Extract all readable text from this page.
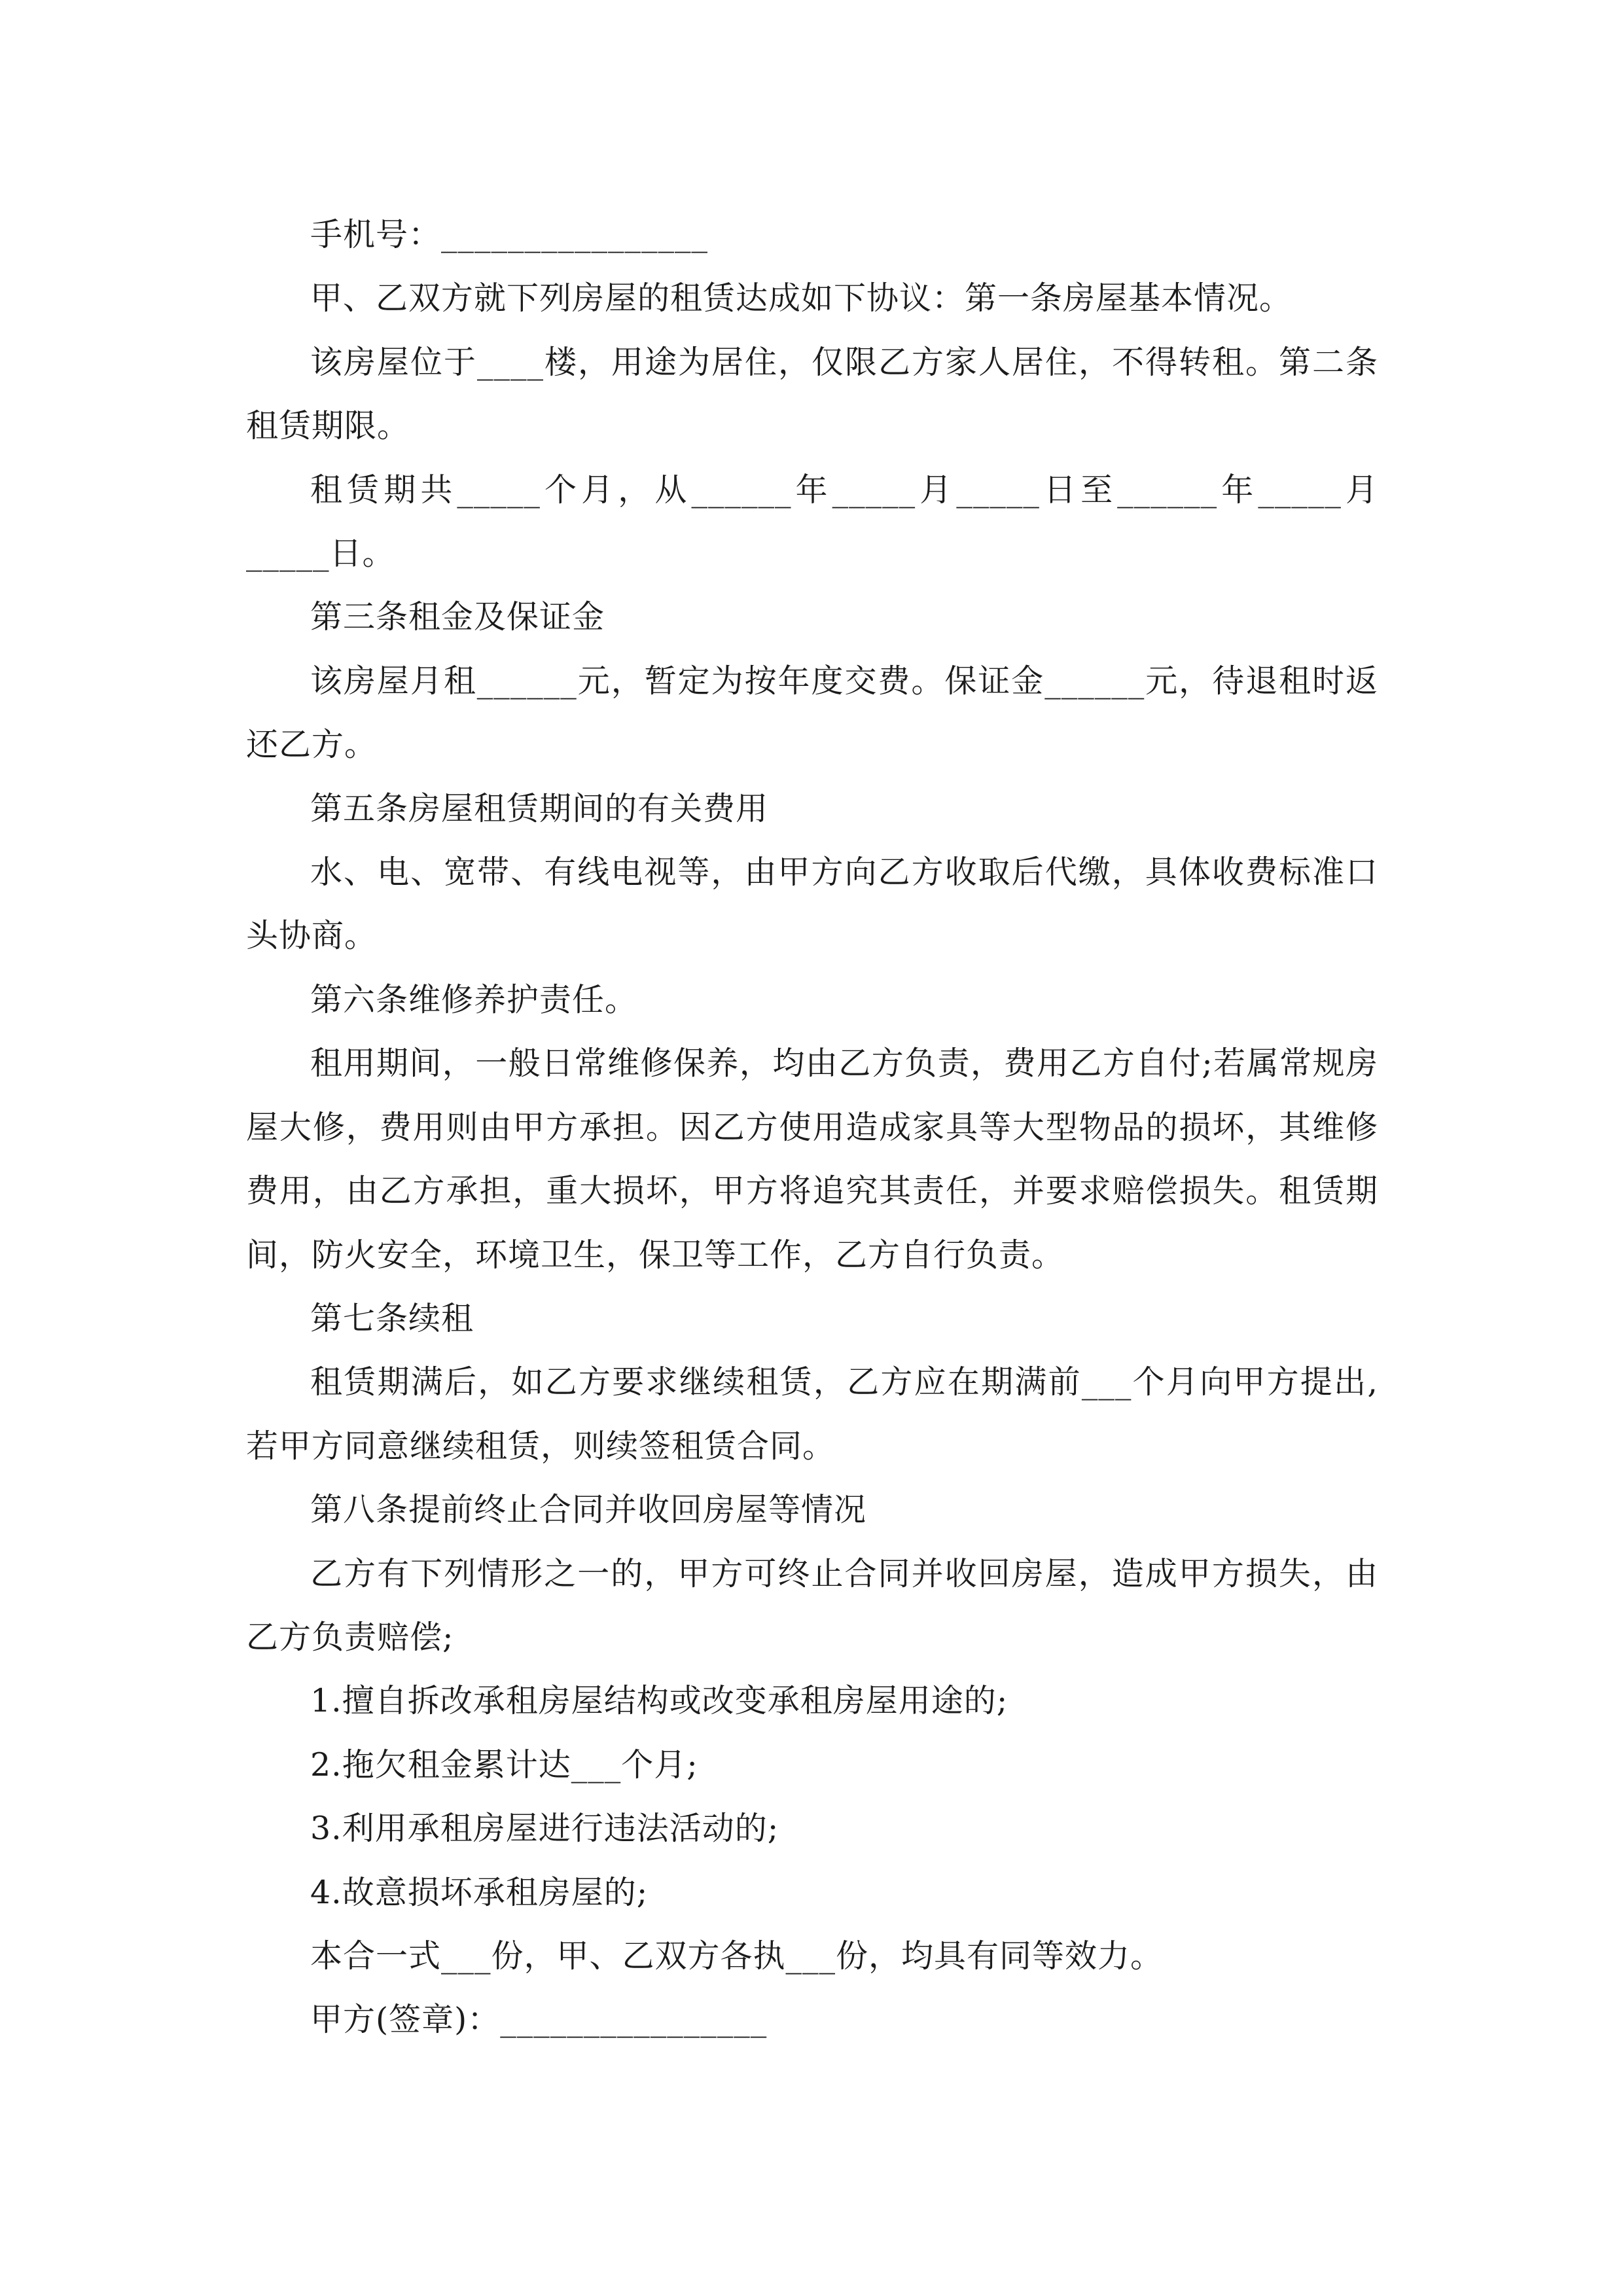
手机号：________________

甲、乙双方就下列房屋的租赁达成如下协议：第一条房屋基本情况。

该房屋位于____楼，用途为居住，仅限乙方家人居住，不得转租。第二条租赁期限。

租赁期共_____个月，从______年_____月_____日至______年_____月_____日。

第三条租金及保证金

该房屋月租______元，暂定为按年度交费。保证金______元，待退租时返还乙方。

第五条房屋租赁期间的有关费用

水、电、宽带、有线电视等，由甲方向乙方收取后代缴，具体收费标准口头协商。

第六条维修养护责任。

租用期间，一般日常维修保养，均由乙方负责，费用乙方自付;若属常规房屋大修，费用则由甲方承担。因乙方使用造成家具等大型物品的损坏，其维修费用，由乙方承担，重大损坏，甲方将追究其责任，并要求赔偿损失。租赁期间，防火安全，环境卫生，保卫等工作，乙方自行负责。

第七条续租

租赁期满后，如乙方要求继续租赁，乙方应在期满前___个月向甲方提出,若甲方同意继续租赁，则续签租赁合同。

第八条提前终止合同并收回房屋等情况

乙方有下列情形之一的，甲方可终止合同并收回房屋，造成甲方损失，由乙方负责赔偿;

1.擅自拆改承租房屋结构或改变承租房屋用途的;

2.拖欠租金累计达___个月;

3.利用承租房屋进行违法活动的;

4.故意损坏承租房屋的;

本合一式___份，甲、乙双方各执___份，均具有同等效力。

甲方(签章)：________________
